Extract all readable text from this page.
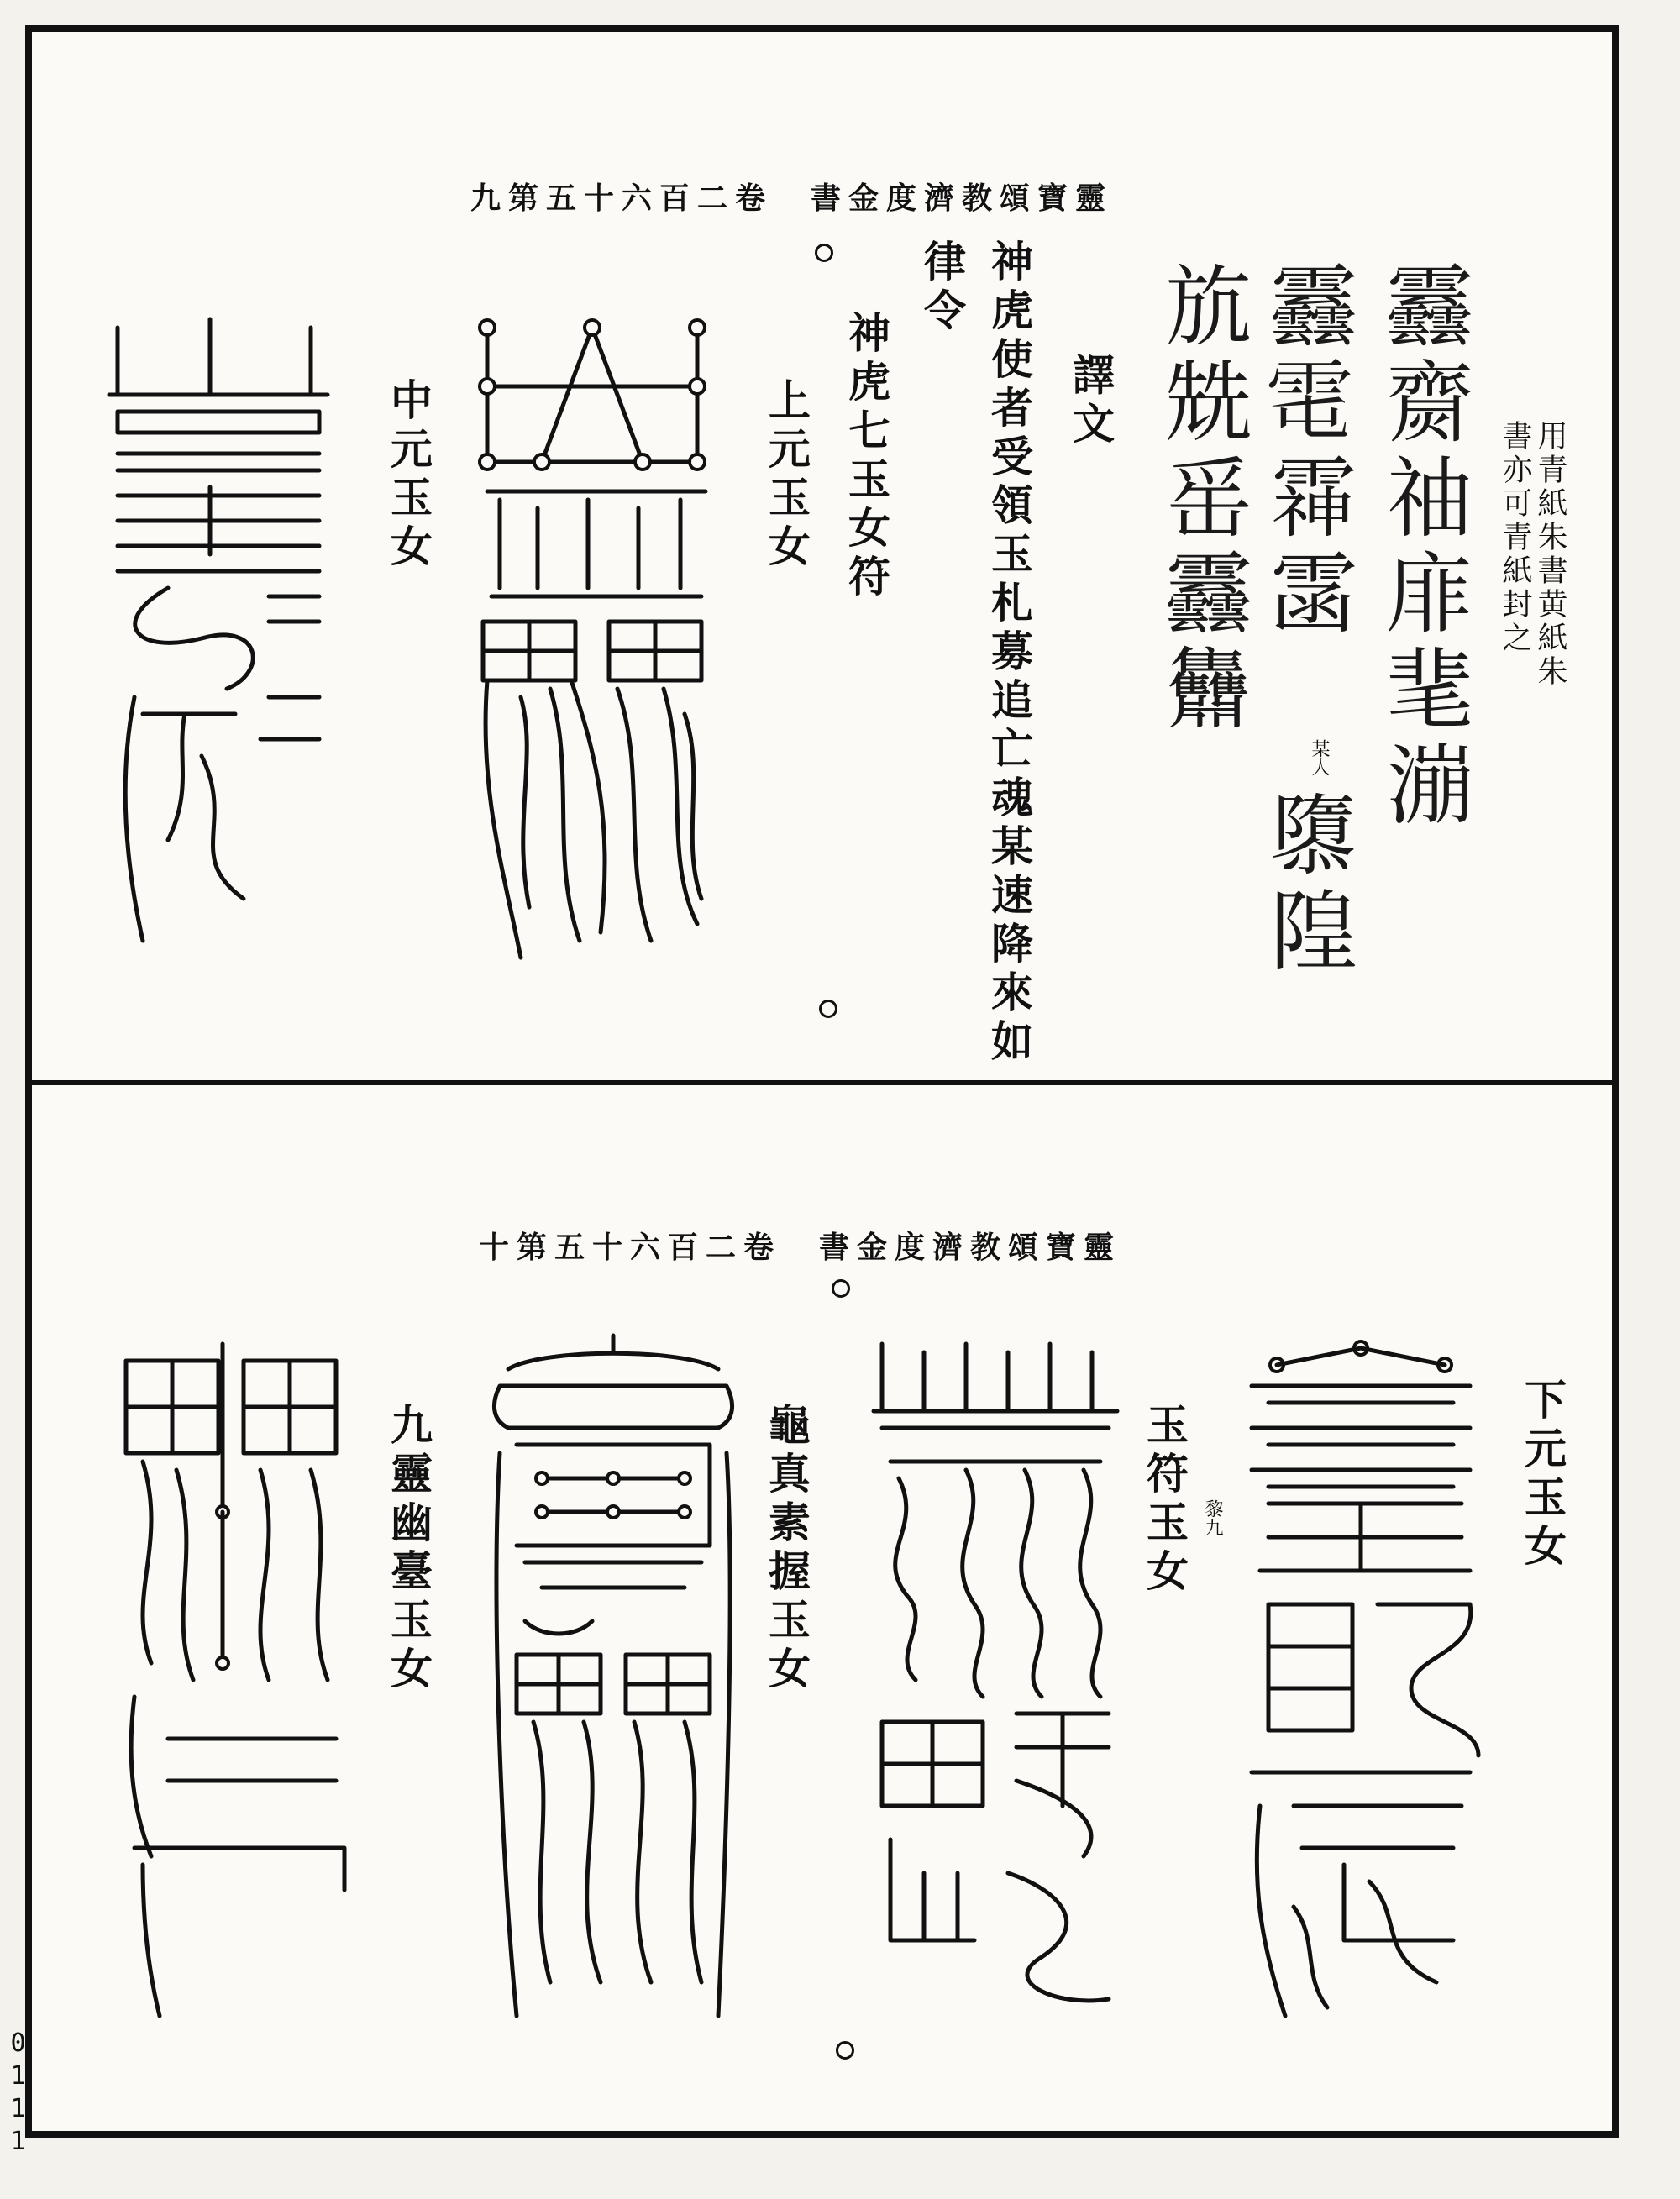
九第五十六百二卷　書金度濟教頌寶靈
用青紙朱書黄紙朱
書亦可青紙封之
䨺齌䄂䨾靟漰
䨺𩂄䨩䨡
某人
隳隍
斻兟䍃䨺䨊
譯文
神虎使者受領玉札募追亡魂某速降來如
律令
神虎七玉女符
上元玉女
中元玉女
十第五十六百二卷　書金度濟教頌寶靈
下元玉女
玉符玉女 黎九
龜真素握玉女
九靈幽臺玉女
0111
